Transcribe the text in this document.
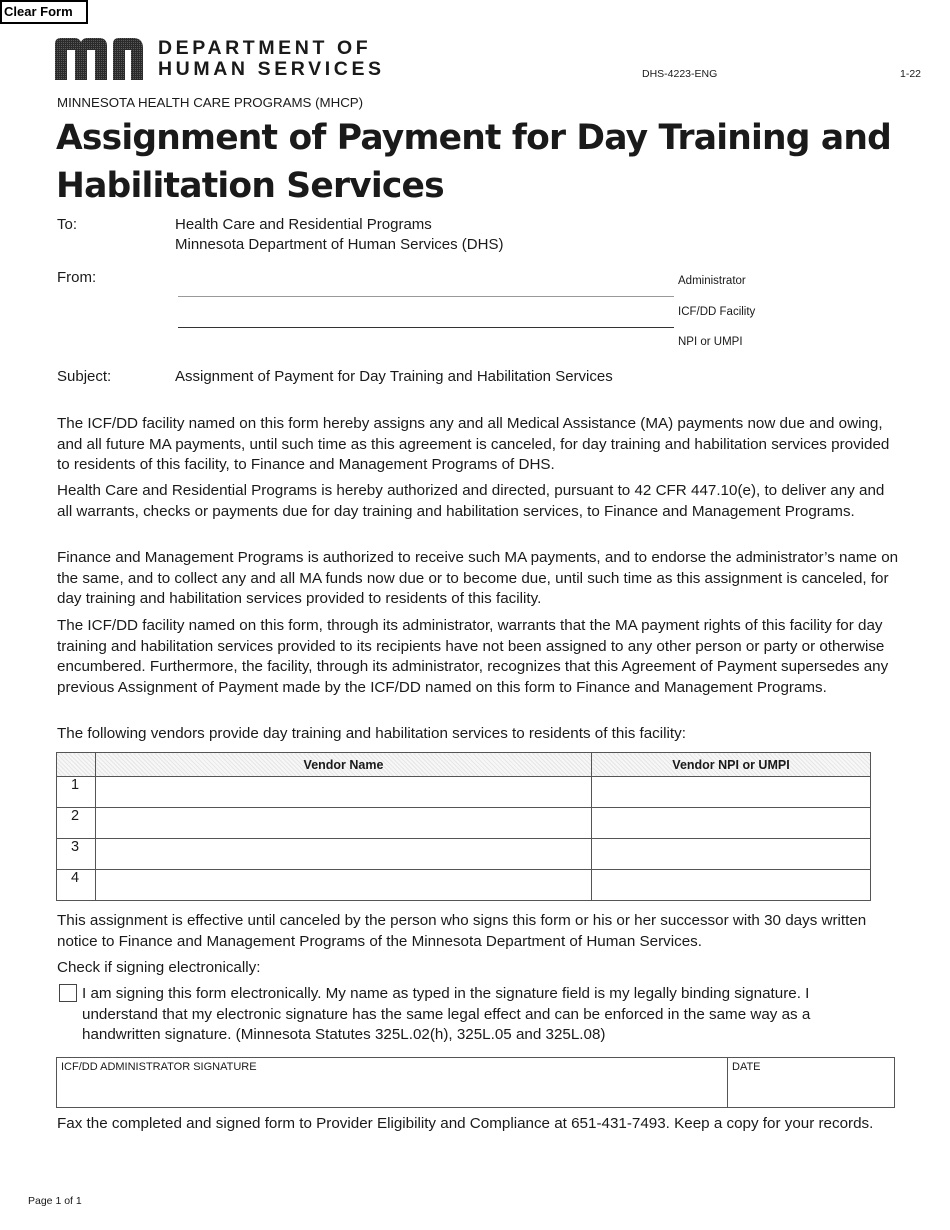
Clear Form
DEPARTMENT OF
HUMAN SERVICES	DHS-4223-ENG	1-22
MINNESOTA HEALTH CARE PROGRAMS (MHCP)
Assignment of Payment for Day Training and Habilitation Services
To:	Health Care and Residential Programs
Minnesota Department of Human Services (DHS)
From:	Administrator
ICF/DD Facility
NPI or UMPI
Subject:	Assignment of Payment for Day Training and Habilitation Services
The ICF/DD facility named on this form hereby assigns any and all Medical Assistance (MA) payments now due and owing, and all future MA payments, until such time as this agreement is canceled, for day training and habilitation services provided to residents of this facility, to Finance and Management Programs of DHS.
Health Care and Residential Programs is hereby authorized and directed, pursuant to 42 CFR 447.10(e), to deliver any and all warrants, checks or payments due for day training and habilitation services, to Finance and Management Programs.
Finance and Management Programs is authorized to receive such MA payments, and to endorse the administrator’s name on the same, and to collect any and all MA funds now due or to become due, until such time as this assignment is canceled, for day training and habilitation services provided to residents of this facility.
The ICF/DD facility named on this form, through its administrator, warrants that the MA payment rights of this facility for day training and habilitation services provided to its recipients have not been assigned to any other person or party or otherwise encumbered. Furthermore, the facility, through its administrator, recognizes that this Agreement of Payment supersedes any previous Assignment of Payment made by the ICF/DD named on this form to Finance and Management Programs.
The following vendors provide day training and habilitation services to residents of this facility:
	Vendor Name	Vendor NPI or UMPI
1		
2		
3		
4		
This assignment is effective until canceled by the person who signs this form or his or her successor with 30 days written notice to Finance and Management Programs of the Minnesota Department of Human Services.
Check if signing electronically:
I am signing this form electronically. My name as typed in the signature field is my legally binding signature. I understand that my electronic signature has the same legal effect and can be enforced in the same way as a handwritten signature. (Minnesota Statutes 325L.02(h), 325L.05 and 325L.08)
ICF/DD ADMINISTRATOR SIGNATURE	DATE
Fax the completed and signed form to Provider Eligibility and Compliance at 651-431-7493. Keep a copy for your records.
Page 1 of 1
